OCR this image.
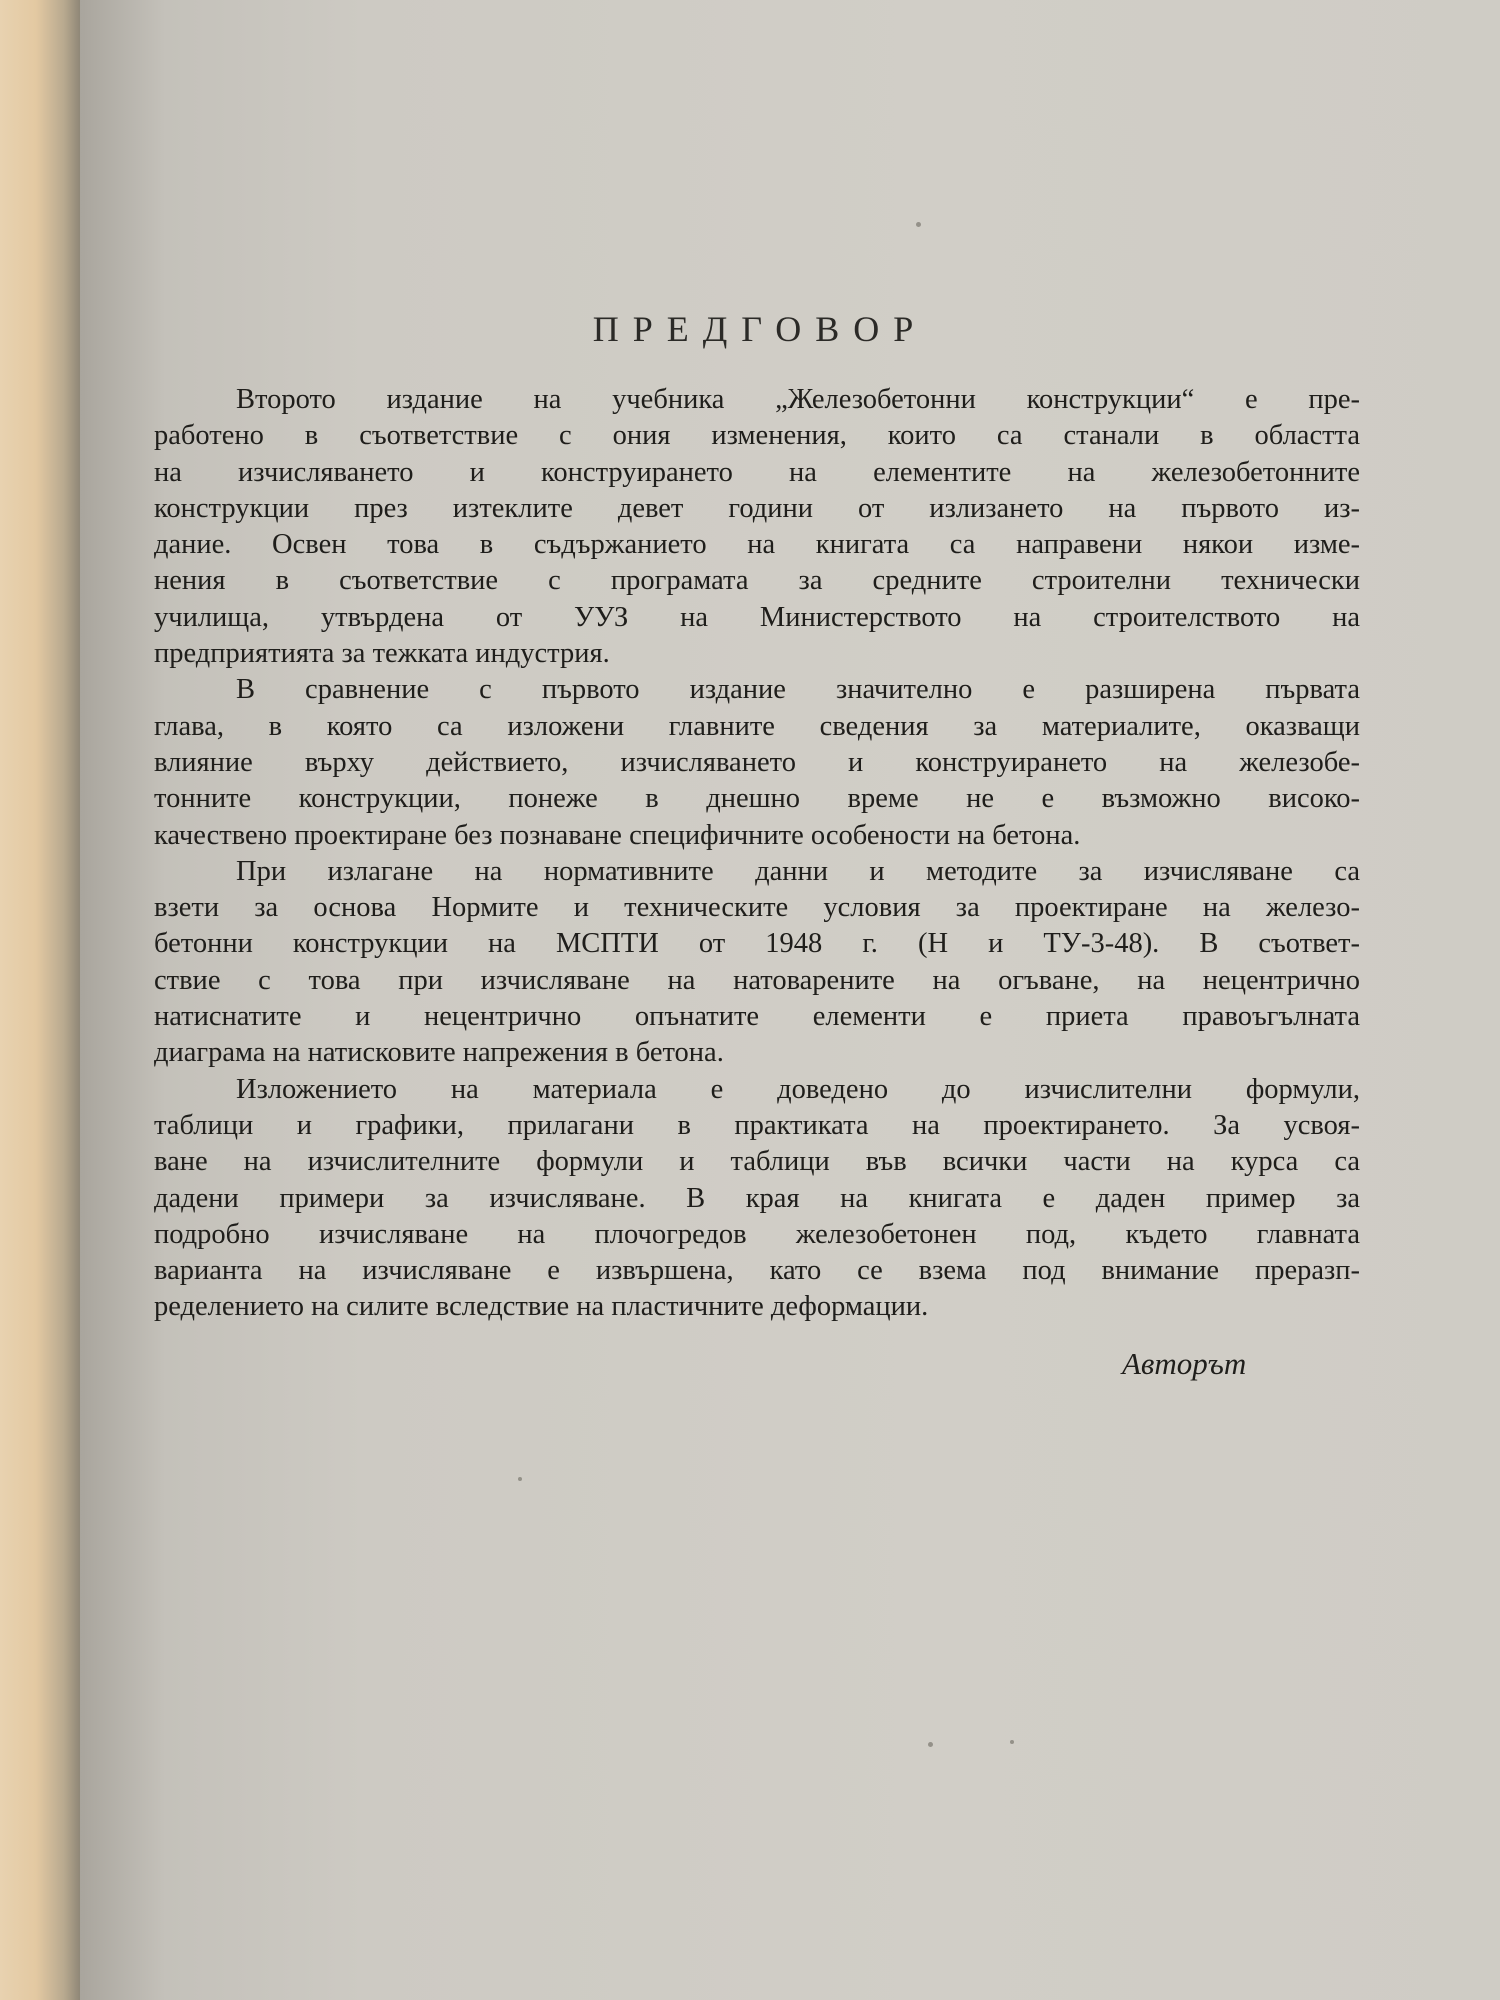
ПРЕДГОВОР
Второто издание на учебника „Железобетонни конструкции“ е пре-
работено в съответствие с ония изменения, които са станали в областта
на изчисляването и конструирането на елементите на железобетонните
конструкции през изтеклите девет години от излизането на първото из-
дание. Освен това в съдържанието на книгата са направени някои изме-
нения в съответствие с програмата за средните строителни технически
училища, утвърдена от УУЗ на Министерството на строителството на
предприятията за тежката индустрия.
В сравнение с първото издание значително е разширена първата
глава, в която са изложени главните сведения за материалите, оказващи
влияние върху действието, изчисляването и конструирането на железобе-
тонните конструкции, понеже в днешно време не е възможно високо-
качествено проектиране без познаване специфичните особености на бетона.
При излагане на нормативните данни и методите за изчисляване са
взети за основа Нормите и техническите условия за проектиране на железо-
бетонни конструкции на МСПТИ от 1948 г. (Н и ТУ-3-48). В съответ-
ствие с това при изчисляване на натоварените на огъване, на нецентрично
натиснатите и нецентрично опънатите елементи е приета правоъгълната
диаграма на натисковите напрежения в бетона.
Изложението на материала е доведено до изчислителни формули,
таблици и графики, прилагани в практиката на проектирането. За усвоя-
ване на изчислителните формули и таблици във всички части на курса са
дадени примери за изчисляване. В края на книгата е даден пример за
подробно изчисляване на плочогредов железобетонен под, където главната
варианта на изчисляване е извършена, като се взема под внимание преразп-
ределението на силите вследствие на пластичните деформации.
Авторът
